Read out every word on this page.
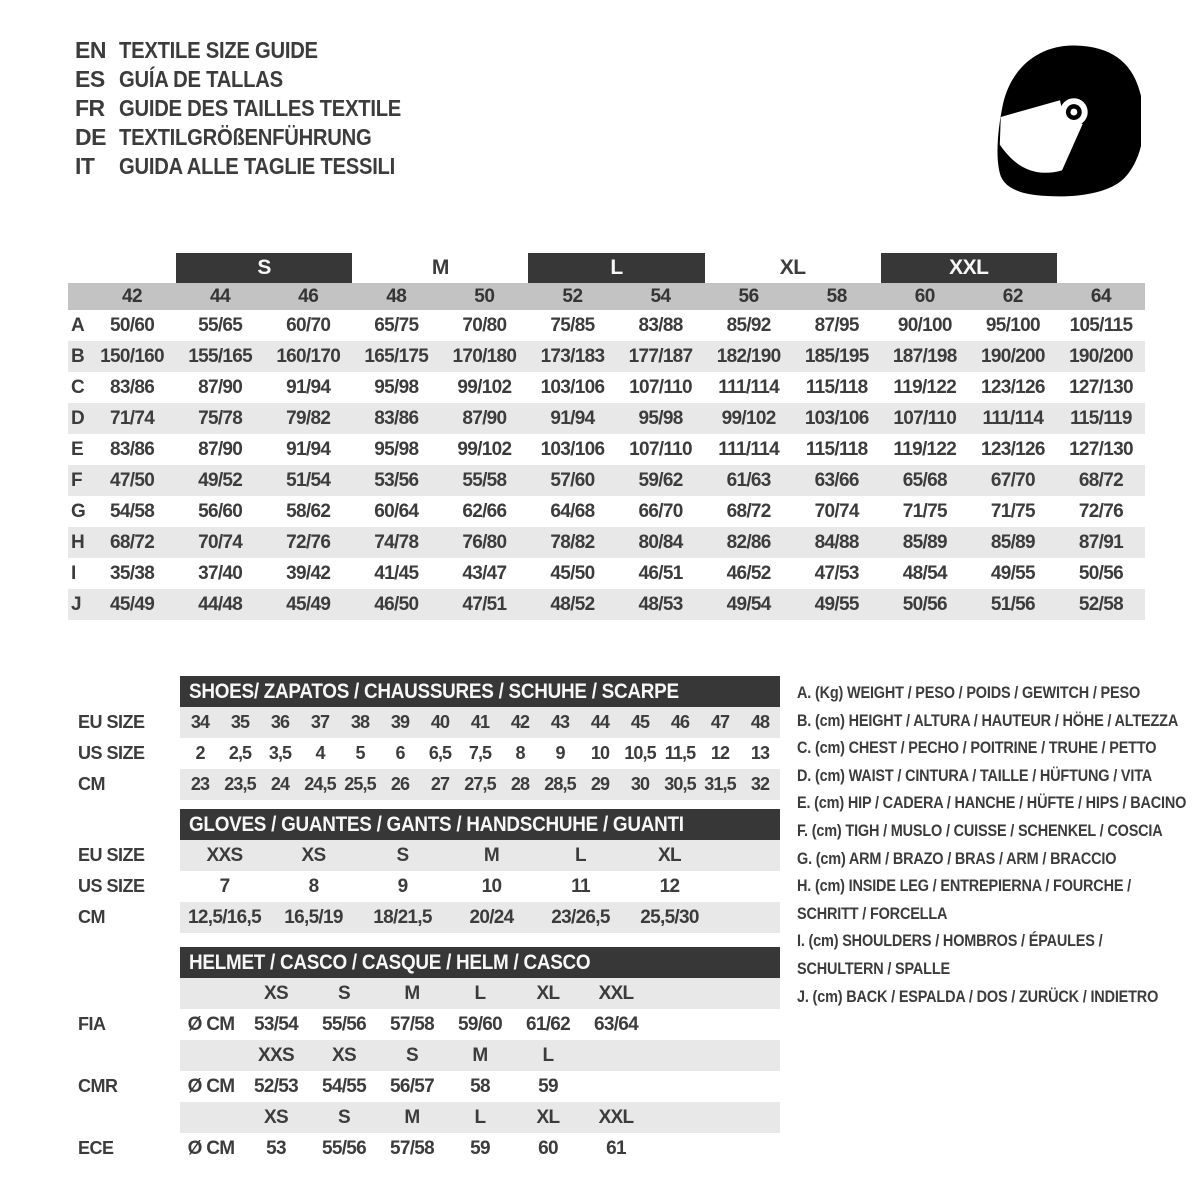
EN TEXTILE SIZE GUIDE
ES GUÍA DE TALLAS
FR GUIDE DES TAILLES TEXTILE
DE TEXTILGRÖßENFÜHRUNG
IT	GUIDA ALLE TAGLIE TESSILI
S	M	L	XL	XXL
42	44	46	48	50	52	54	56	58	60	62	64
A	50/60	55/65	60/70	65/75	70/80	75/85	83/88	85/92	87/95	90/100	95/100	105/115
B 150/160	155/165	160/170	165/175	170/180	173/183	177/187	182/190	185/195	187/198	190/200	190/200
C	83/86	87/90	91/94	95/98	99/102	103/106	107/110	111/114	115/118	119/122	123/126	127/130
D	71/74	75/78	79/82	83/86	87/90	91/94	95/98	99/102	103/106	107/110	111/114	115/119
E	83/86	87/90	91/94	95/98	99/102	103/106	107/110	111/114	115/118	119/122	123/126	127/130
F	47/50	49/52	51/54	53/56	55/58	57/60	59/62	61/63	63/66	65/68	67/70	68/72
G	54/58	56/60	58/62	60/64	62/66	64/68	66/70	68/72	70/74	71/75	71/75	72/76
H	68/72	70/74	72/76	74/78	76/80	78/82	80/84	82/86	84/88	85/89	85/89	87/91
I	35/38	37/40	39/42	41/45	43/47	45/50	46/51	46/52	47/53	48/54	49/55	50/56
J	45/49	44/48	45/49	46/50	47/51	48/52	48/53	49/54	49/55	50/56	51/56	52/58
SHOES/ ZAPATOS / CHAUSSURES / SCHUHE / SCARPE
EU SIZE	34	35	36	37	38	39	40	41	42	43	44	45	46	47	48
US SIZE	2	2,5 3,5	4	5	6	6,5 7,5	8	9	10 10,5 11,5 12	13
CM	23 23,5 24 24,5 25,5 26	27 27,5 28 28,5 29	30 30,5 31,5 32
GLOVES / GUANTES / GANTS / HANDSCHUHE / GUANTI
EU SIZE	XXS	XS	S	M	L	XL
US SIZE	7	8	9	10	11	12
CM	12,5/16,5	16,5/19	18/21,5	20/24	23/26,5	25,5/30
HELMET / CASCO / CASQUE / HELM / CASCO
XS	S	M	L	XL	XXL
FIA	Ø CM	53/54	55/56	57/58	59/60	61/62	63/64
XXS	XS	S	M	L
CMR	Ø CM	52/53	54/55	56/57	58	59
XS	S	M	L	XL	XXL
ECE	Ø CM	53	55/56	57/58	59	60	61
A. (Kg) WEIGHT / PESO / POIDS / GEWITCH / PESO
B. (cm) HEIGHT / ALTURA / HAUTEUR / HÖHE / ALTEZZA
C. (cm) CHEST / PECHO / POITRINE / TRUHE / PETTO
D. (cm) WAIST / CINTURA / TAILLE / HÜFTUNG / VITA
E. (cm) HIP / CADERA / HANCHE / HÜFTE / HIPS / BACINO
F. (cm) TIGH / MUSLO / CUISSE / SCHENKEL / COSCIA
G. (cm) ARM / BRAZO / BRAS / ARM / BRACCIO
H. (cm) INSIDE LEG / ENTREPIERNA / FOURCHE /
SCHRITT / FORCELLA
I. (cm) SHOULDERS / HOMBROS / ÉPAULES /
SCHULTERN / SPALLE
J. (cm) BACK / ESPALDA / DOS / ZURÜCK / INDIETRO
